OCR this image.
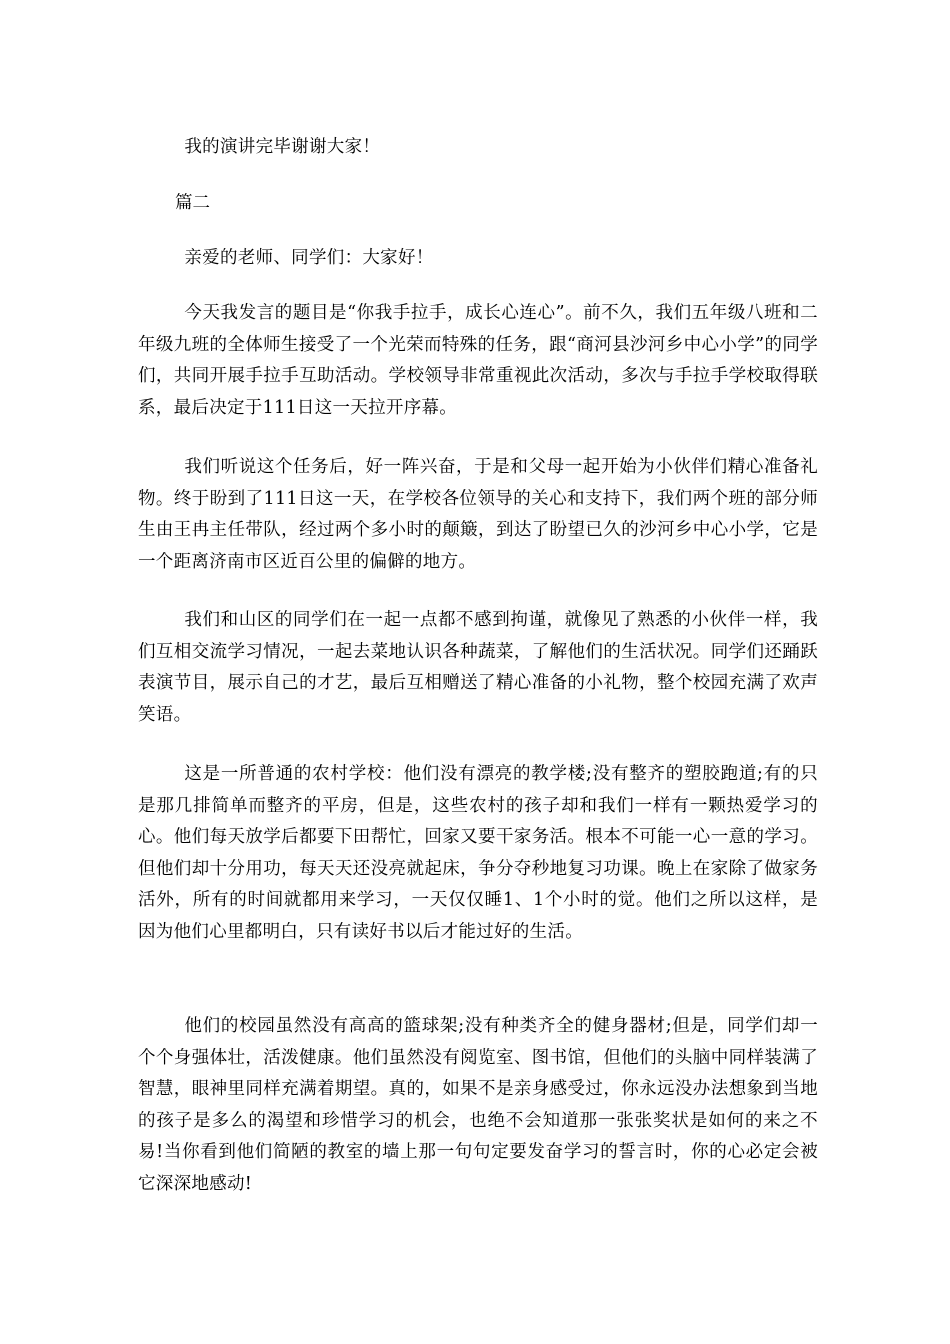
我的演讲完毕谢谢大家！

篇二

亲爱的老师、同学们：大家好！

今天我发言的题目是“你我手拉手，成长心连心”。前不久，我们五年级八班和二年级九班的全体师生接受了一个光荣而特殊的任务，跟“商河县沙河乡中心小学”的同学们，共同开展手拉手互助活动。学校领导非常重视此次活动，多次与手拉手学校取得联系，最后决定于111日这一天拉开序幕。

我们听说这个任务后，好一阵兴奋，于是和父母一起开始为小伙伴们精心准备礼物。终于盼到了111日这一天，在学校各位领导的关心和支持下，我们两个班的部分师生由王冉主任带队，经过两个多小时的颠簸，到达了盼望已久的沙河乡中心小学，它是一个距离济南市区近百公里的偏僻的地方。

我们和山区的同学们在一起一点都不感到拘谨，就像见了熟悉的小伙伴一样，我们互相交流学习情况，一起去菜地认识各种蔬菜，了解他们的生活状况。同学们还踊跃表演节目，展示自己的才艺，最后互相赠送了精心准备的小礼物，整个校园充满了欢声笑语。

这是一所普通的农村学校：他们没有漂亮的教学楼;没有整齐的塑胶跑道;有的只是那几排简单而整齐的平房，但是，这些农村的孩子却和我们一样有一颗热爱学习的心。他们每天放学后都要下田帮忙，回家又要干家务活。根本不可能一心一意的学习。但他们却十分用功，每天天还没亮就起床，争分夺秒地复习功课。晚上在家除了做家务活外，所有的时间就都用来学习，一天仅仅睡1、1个小时的觉。他们之所以这样，是因为他们心里都明白，只有读好书以后才能过好的生活。

他们的校园虽然没有高高的篮球架;没有种类齐全的健身器材;但是，同学们却一个个身强体壮，活泼健康。他们虽然没有阅览室、图书馆，但他们的头脑中同样装满了智慧，眼神里同样充满着期望。真的，如果不是亲身感受过，你永远没办法想象到当地的孩子是多么的渴望和珍惜学习的机会，也绝不会知道那一张张奖状是如何的来之不易!当你看到他们简陋的教室的墙上那一句句定要发奋学习的誓言时，你的心必定会被它深深地感动!
